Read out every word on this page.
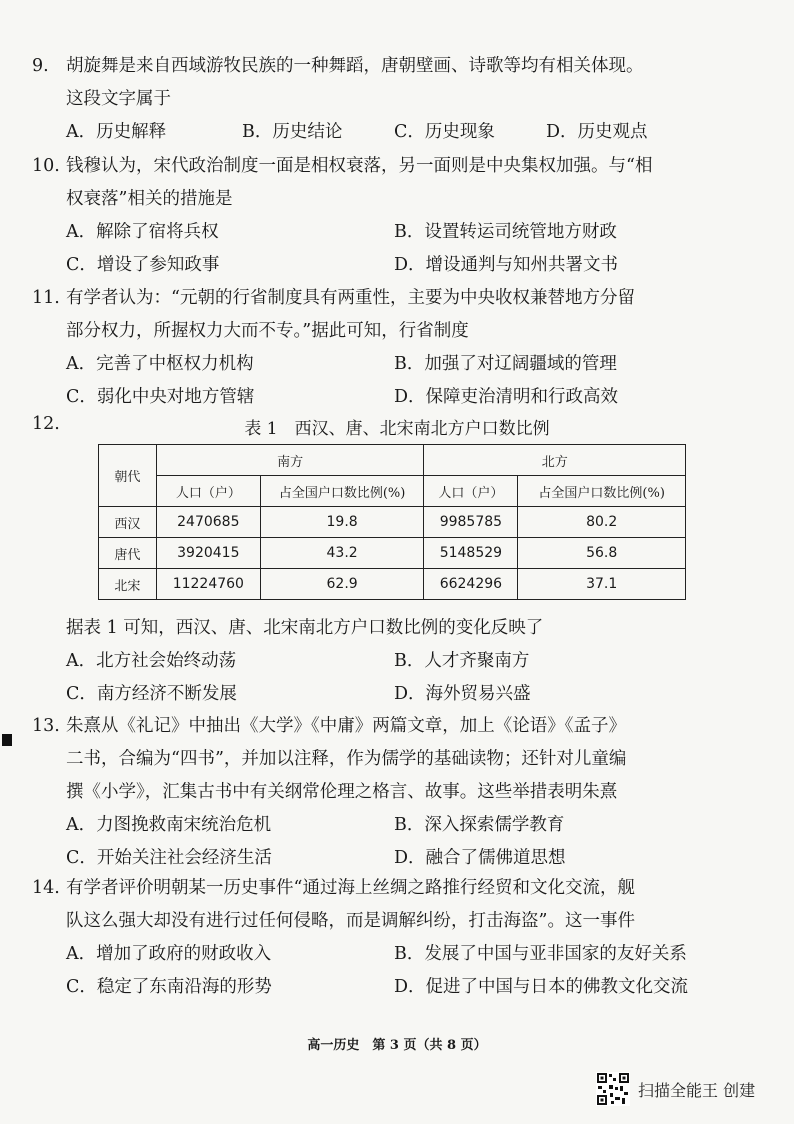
9. 胡旋舞是来自西域游牧民族的一种舞蹈，唐朝壁画、诗歌等均有相关体现。
这段文字属于
A．历史解释	B．历史结论	C．历史现象	D．历史观点
10. 钱穆认为，宋代政治制度一面是相权衰落，另一面则是中央集权加强。与“相
权衰落”相关的措施是
A．解除了宿将兵权	B．设置转运司统管地方财政
C．增设了参知政事	D．增设通判与知州共署文书
11. 有学者认为：“元朝的行省制度具有两重性，主要为中央收权兼替地方分留
部分权力，所握权力大而不专。”据此可知，行省制度
A．完善了中枢权力机构	B．加强了对辽阔疆域的管理
C．弱化中央对地方管辖	D．保障吏治清明和行政高效
12.	表 1　西汉、唐、北宋南北方户口数比例
朝代	南方		北方	
	人口（户）	占全国户口数比例(%)	人口（户）	占全国户口数比例(%)
西汉	2470685	19.8	9985785	80.2
唐代	3920415	43.2	5148529	56.8
北宋	11224760	62.9	6624296	37.1
据表 1 可知，西汉、唐、北宋南北方户口数比例的变化反映了
A．北方社会始终动荡	B．人才齐聚南方
C．南方经济不断发展	D．海外贸易兴盛
13. 朱熹从《礼记》中抽出《大学》《中庸》两篇文章，加上《论语》《孟子》
二书，合编为“四书”，并加以注释，作为儒学的基础读物；还针对儿童编
撰《小学》，汇集古书中有关纲常伦理之格言、故事。这些举措表明朱熹
A．力图挽救南宋统治危机	B．深入探索儒学教育
C．开始关注社会经济生活	D．融合了儒佛道思想
14. 有学者评价明朝某一历史事件“通过海上丝绸之路推行经贸和文化交流，舰
队这么强大却没有进行过任何侵略，而是调解纠纷，打击海盗”。这一事件
A．增加了政府的财政收入	B．发展了中国与亚非国家的友好关系
C．稳定了东南沿海的形势	D．促进了中国与日本的佛教文化交流
高一历史　第 3 页（共 8 页）
扫描全能王 创建
